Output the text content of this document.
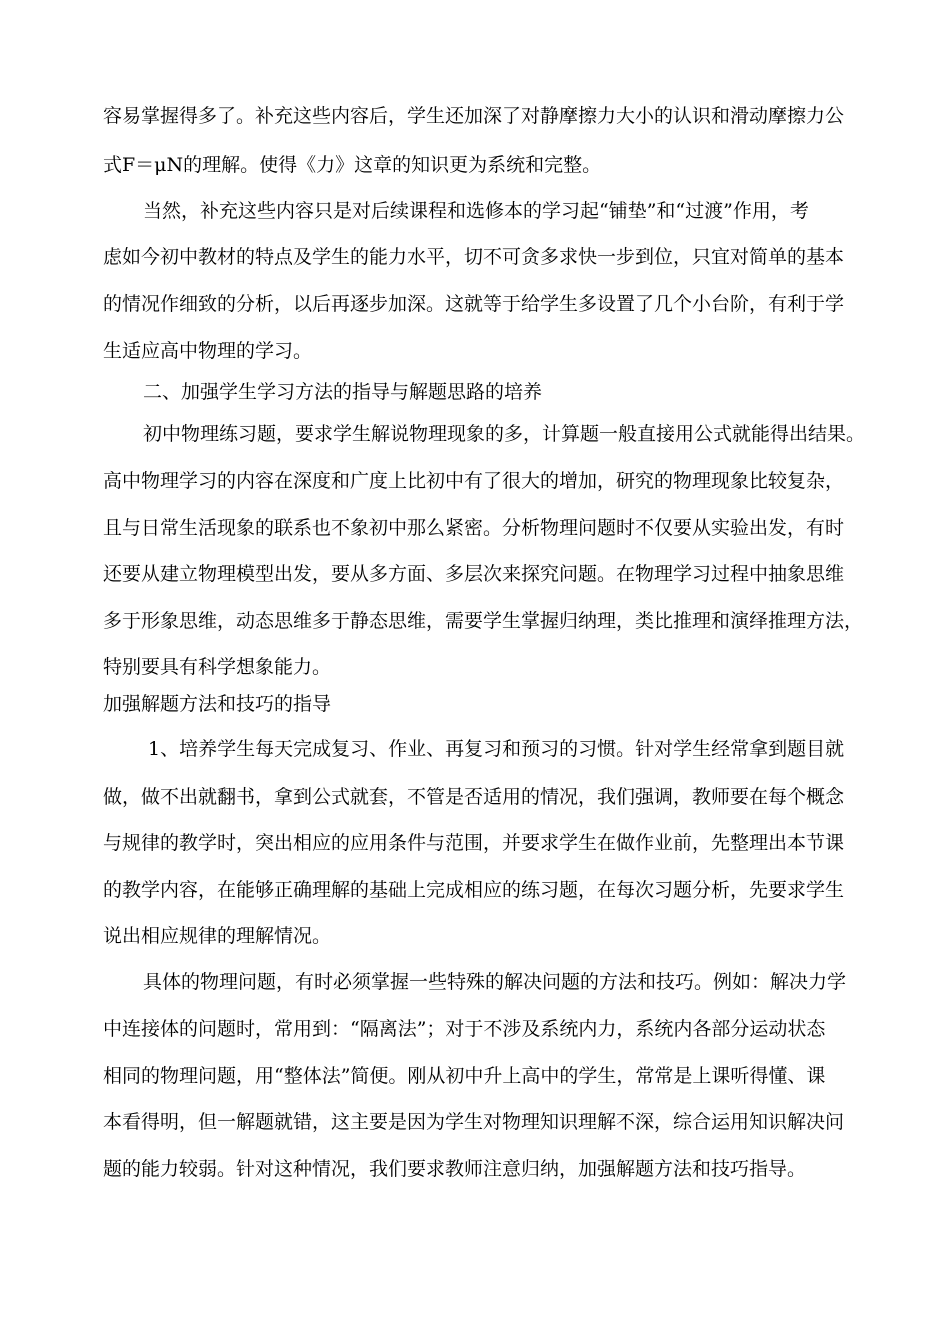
容易掌握得多了。补充这些内容后，学生还加深了对静摩擦力大小的认识和滑动摩擦力公
式F＝μN的理解。使得《力》这章的知识更为系统和完整。
当然，补充这些内容只是对后续课程和选修本的学习起“铺垫”和“过渡”作用，考
虑如今初中教材的特点及学生的能力水平，切不可贪多求快一步到位，只宜对简单的基本
的情况作细致的分析，以后再逐步加深。这就等于给学生多设置了几个小台阶，有利于学
生适应高中物理的学习。
二、加强学生学习方法的指导与解题思路的培养
初中物理练习题，要求学生解说物理现象的多，计算题一般直接用公式就能得出结果。
高中物理学习的内容在深度和广度上比初中有了很大的增加，研究的物理现象比较复杂，
且与日常生活现象的联系也不象初中那么紧密。分析物理问题时不仅要从实验出发，有时
还要从建立物理模型出发，要从多方面、多层次来探究问题。在物理学习过程中抽象思维
多于形象思维，动态思维多于静态思维，需要学生掌握归纳理，类比推理和演绎推理方法，
特别要具有科学想象能力。
加强解题方法和技巧的指导
1、培养学生每天完成复习、作业、再复习和预习的习惯。针对学生经常拿到题目就
做，做不出就翻书，拿到公式就套，不管是否适用的情况，我们强调，教师要在每个概念
与规律的教学时，突出相应的应用条件与范围，并要求学生在做作业前，先整理出本节课
的教学内容，在能够正确理解的基础上完成相应的练习题，在每次习题分析，先要求学生
说出相应规律的理解情况。
具体的物理问题，有时必须掌握一些特殊的解决问题的方法和技巧。例如：解决力学
中连接体的问题时，常用到：“隔离法”；对于不涉及系统内力，系统内各部分运动状态
相同的物理问题，用“整体法”简便。刚从初中升上高中的学生，常常是上课听得懂、课
本看得明，但一解题就错，这主要是因为学生对物理知识理解不深，综合运用知识解决问
题的能力较弱。针对这种情况，我们要求教师注意归纳，加强解题方法和技巧指导。
